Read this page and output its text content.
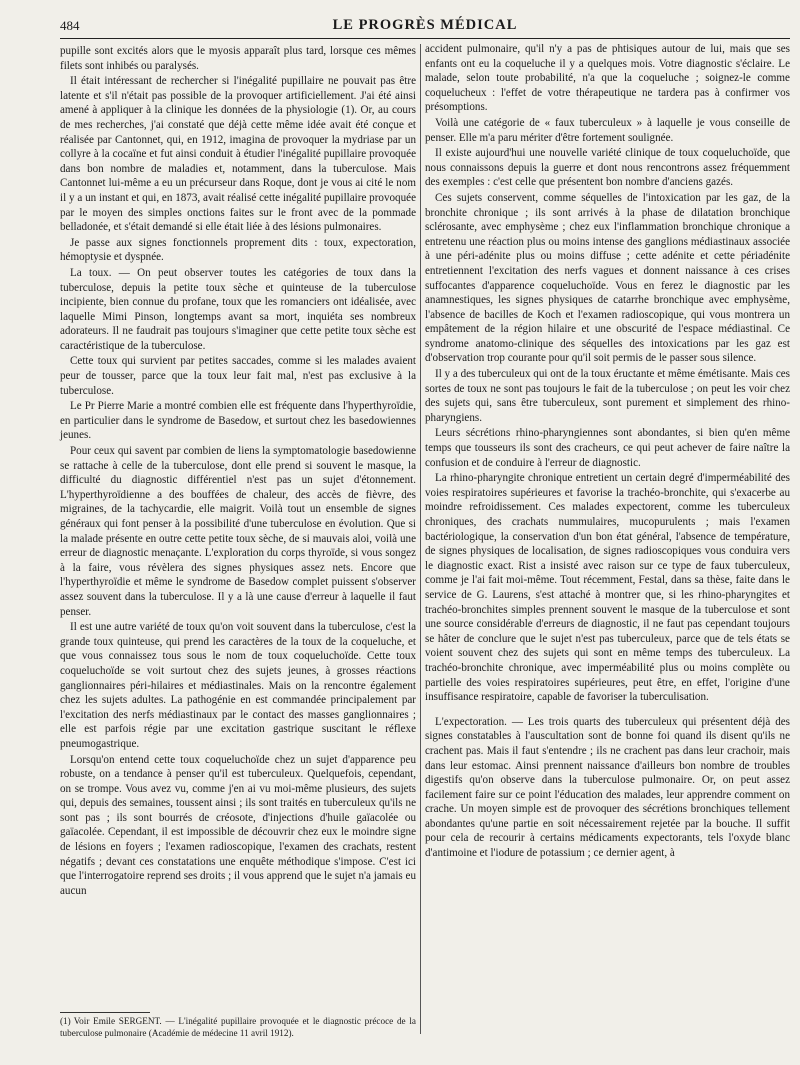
484	LE PROGRÈS MÉDICAL

pupille sont excités alors que le myosis apparaît plus tard, lorsque ces mêmes filets sont inhibés ou paralysés.

Il était intéressant de rechercher si l'inégalité pupillaire ne pouvait pas être latente et s'il n'était pas possible de la provoquer artificiellement. J'ai été ainsi amené à appliquer à la clinique les données de la physiologie (1). Or, au cours de mes recherches, j'ai constaté que déjà cette même idée avait été conçue et réalisée par Cantonnet, qui, en 1912, imagina de provoquer la mydriase par un collyre à la cocaïne et fut ainsi conduit à étudier l'inégalité pupillaire provoquée dans bon nombre de maladies et, notamment, dans la tuberculose. Mais Cantonnet lui-même a eu un précurseur dans Roque, dont je vous ai cité le nom il y a un instant et qui, en 1873, avait réalisé cette inégalité pupillaire provoquée par le moyen des simples onctions faites sur le front avec de la pommade belladonée, et s'était demandé si elle était liée à des lésions pulmonaires.

Je passe aux signes fonctionnels proprement dits : toux, expectoration, hémoptysie et dyspnée.

La toux. — On peut observer toutes les catégories de toux dans la tuberculose, depuis la petite toux sèche et quinteuse de la tuberculose incipiente, bien connue du profane, toux que les romanciers ont idéalisée, avec laquelle Mimi Pinson, longtemps avant sa mort, inquiéta ses nombreux adorateurs. Il ne faudrait pas toujours s'imaginer que cette petite toux sèche est caractéristique de la tuberculose.

Cette toux qui survient par petites saccades, comme si les malades avaient peur de tousser, parce que la toux leur fait mal, n'est pas exclusive à la tuberculose.

Le Pr Pierre Marie a montré combien elle est fréquente dans l'hyperthyroïdie, en particulier dans le syndrome de Basedow, et surtout chez les basedowiennes jeunes.

Pour ceux qui savent par combien de liens la symptomatologie basedowienne se rattache à celle de la tuberculose, dont elle prend si souvent le masque, la difficulté du diagnostic différentiel n'est pas un sujet d'étonnement. L'hyperthyroïdienne a des bouffées de chaleur, des accès de fièvre, des migraines, de la tachycardie, elle maigrit. Voilà tout un ensemble de signes généraux qui font penser à la possibilité d'une tuberculose en évolution. Que si la malade présente en outre cette petite toux sèche, de si mauvais aloi, voilà une erreur de diagnostic menaçante. L'exploration du corps thyroïde, si vous songez à la faire, vous révèlera des signes physiques assez nets. Encore que l'hyperthyroïdie et même le syndrome de Basedow complet puissent s'observer assez souvent dans la tuberculose. Il y a là une cause d'erreur à laquelle il faut penser.

Il est une autre variété de toux qu'on voit souvent dans la tuberculose, c'est la grande toux quinteuse, qui prend les caractères de la toux de la coqueluche, et que vous connaissez tous sous le nom de toux coqueluchoïde. Cette toux coqueluchoïde se voit surtout chez des sujets jeunes, à grosses réactions ganglionnaires péri-hilaires et médiastinales. Mais on la rencontre également chez les sujets adultes. La pathogénie en est commandée principalement par l'excitation des nerfs médiastinaux par le contact des masses ganglionnaires ; elle est parfois régie par une excitation gastrique suscitant le réflexe pneumogastrique.

Lorsqu'on entend cette toux coqueluchoïde chez un sujet d'apparence peu robuste, on a tendance à penser qu'il est tuberculeux. Quelquefois, cependant, on se trompe. Vous avez vu, comme j'en ai vu moi-même plusieurs, des sujets qui, depuis des semaines, toussent ainsi ; ils sont traités en tuberculeux qu'ils ne sont pas ; ils sont bourrés de créosote, d'injections d'huile gaïacolée ou gaïacolée. Cependant, il est impossible de découvrir chez eux le moindre signe de lésions en foyers ; l'examen radioscopique, l'examen des crachats, restent négatifs ; devant ces constatations une enquête méthodique s'impose. C'est ici que l'interrogatoire reprend ses droits ; il vous apprend que le sujet n'a jamais eu aucun

accident pulmonaire, qu'il n'y a pas de phtisiques autour de lui, mais que ses enfants ont eu la coqueluche il y a quelques mois. Votre diagnostic s'éclaire. Le malade, selon toute probabilité, n'a que la coqueluche ; soignez-le comme coquelucheux : l'effet de votre thérapeutique ne tardera pas à confirmer vos présomptions.

Voilà une catégorie de « faux tuberculeux » à laquelle je vous conseille de penser. Elle m'a paru mériter d'être fortement soulignée.

Il existe aujourd'hui une nouvelle variété clinique de toux coqueluchoïde, que nous connaissons depuis la guerre et dont nous rencontrons assez fréquemment des exemples : c'est celle que présentent bon nombre d'anciens gazés.

Ces sujets conservent, comme séquelles de l'intoxication par les gaz, de la bronchite chronique ; ils sont arrivés à la phase de dilatation bronchique sclérosante, avec emphysème ; chez eux l'inflammation bronchique chronique a entretenu une réaction plus ou moins intense des ganglions médiastinaux associée à une péri-adénite plus ou moins diffuse ; cette adénite et cette périadénite entretiennent l'excitation des nerfs vagues et donnent naissance à ces crises suffocantes d'apparence coqueluchoïde. Vous en ferez le diagnostic par les anamnestiques, les signes physiques de catarrhe bronchique avec emphysème, l'absence de bacilles de Koch et l'examen radioscopique, qui vous montrera un empâtement de la région hilaire et une obscurité de l'espace médiastinal. Ce syndrome anatomo-clinique des séquelles des intoxications par les gaz est d'observation trop courante pour qu'il soit permis de le passer sous silence.

Il y a des tuberculeux qui ont de la toux éructante et même émétisante. Mais ces sortes de toux ne sont pas toujours le fait de la tuberculose ; on peut les voir chez des sujets qui, sans être tuberculeux, sont purement et simplement des rhino-pharyngiens.

Leurs sécrétions rhino-pharyngiennes sont abondantes, si bien qu'en même temps que tousseurs ils sont des cracheurs, ce qui peut achever de faire naître la confusion et de conduire à l'erreur de diagnostic.

La rhino-pharyngite chronique entretient un certain degré d'imperméabilité des voies respiratoires supérieures et favorise la trachéo-bronchite, qui s'exacerbe au moindre refroidissement. Ces malades expectorent, comme les tuberculeux chroniques, des crachats nummulaires, mucopurulents ; mais l'examen bactériologique, la conservation d'un bon état général, l'absence de température, de signes physiques de localisation, de signes radioscopiques vous conduira vers le diagnostic exact. Rist a insisté avec raison sur ce type de faux tuberculeux, comme je l'ai fait moi-même. Tout récemment, Festal, dans sa thèse, faite dans le service de G. Laurens, s'est attaché à montrer que, si les rhino-pharyngites et trachéo-bronchites simples prennent souvent le masque de la tuberculose et sont une source considérable d'erreurs de diagnostic, il ne faut pas cependant toujours se hâter de conclure que le sujet n'est pas tuberculeux, parce que de tels états se voient souvent chez des sujets qui sont en même temps des tuberculeux. La trachéo-bronchite chronique, avec imperméabilité plus ou moins complète ou partielle des voies respiratoires supérieures, peut être, en effet, l'origine d'une insuffisance respiratoire, capable de favoriser la tuberculisation.

L'expectoration. — Les trois quarts des tuberculeux qui présentent déjà des signes constatables à l'auscultation sont de bonne foi quand ils disent qu'ils ne crachent pas. Mais il faut s'entendre ; ils ne crachent pas dans leur crachoir, mais dans leur estomac. Ainsi prennent naissance d'ailleurs bon nombre de troubles digestifs qu'on observe dans la tuberculose pulmonaire. Or, on peut assez facilement faire sur ce point l'éducation des malades, leur apprendre comment on crache. Un moyen simple est de provoquer des sécrétions bronchiques tellement abondantes qu'une partie en soit nécessairement rejetée par la bouche. Il suffit pour cela de recourir à certains médicaments expectorants, tels l'oxyde blanc d'antimoine et l'iodure de potassium ; ce dernier agent, à

(1) Voir Emile SERGENT. — L'inégalité pupillaire provoquée et le diagnostic précoce de la tuberculose pulmonaire (Académie de médecine 11 avril 1912).
